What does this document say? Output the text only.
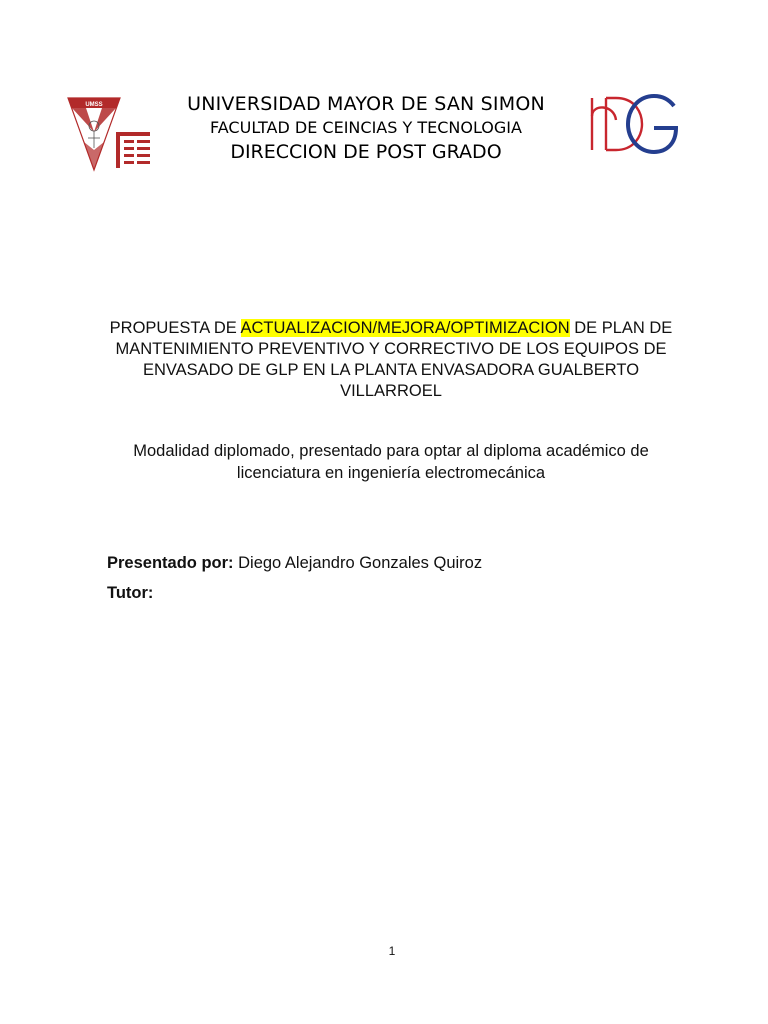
UMSS	UNIVERSIDAD MAYOR DE SAN SIMON
FACULTAD DE CEINCIAS Y TECNOLOGIA
DIRECCION DE POST GRADO
PROPUESTA DE ACTUALIZACION/MEJORA/OPTIMIZACION DE PLAN DE MANTENIMIENTO PREVENTIVO Y CORRECTIVO DE LOS EQUIPOS DE ENVASADO DE GLP EN LA PLANTA ENVASADORA GUALBERTO VILLARROEL
Modalidad diplomado, presentado para optar al diploma académico de licenciatura en ingeniería electromecánica
Presentado por: Diego Alejandro Gonzales Quiroz
Tutor:
1
